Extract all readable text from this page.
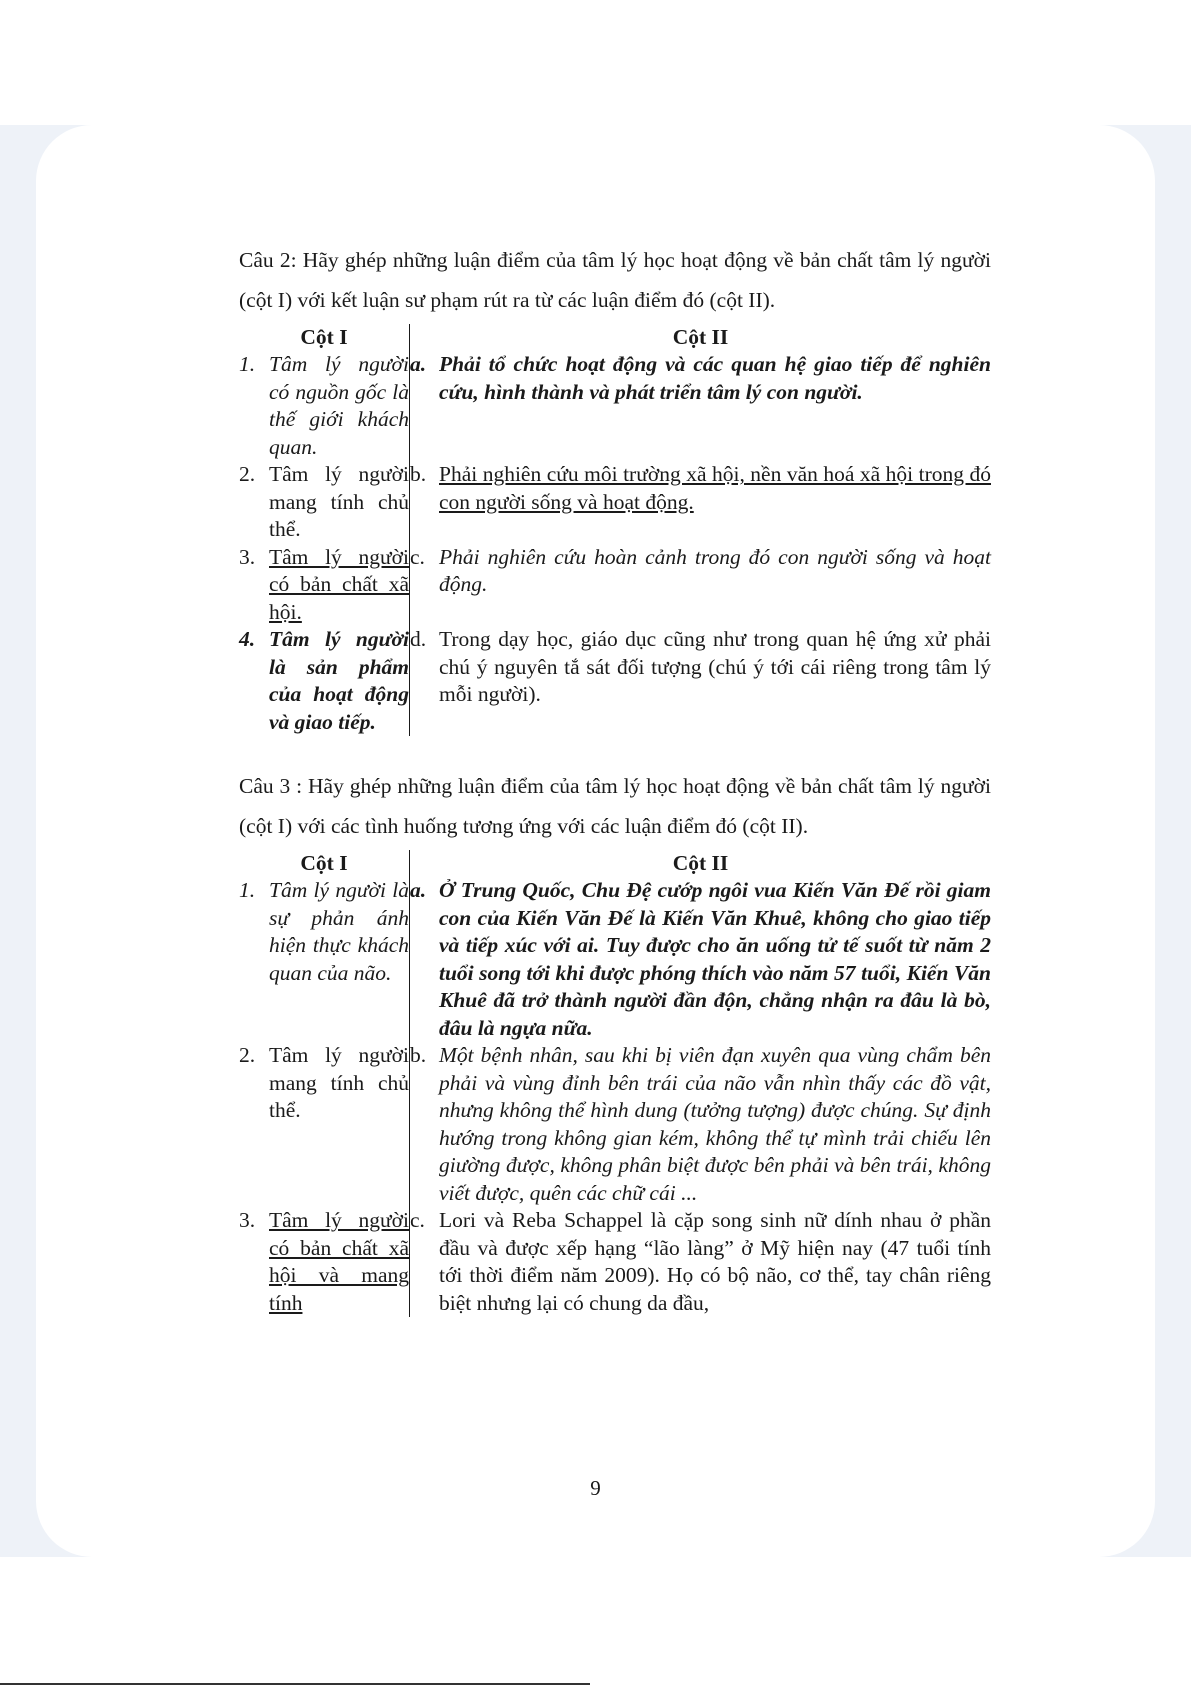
Câu 2: Hãy ghép những luận điểm của tâm lý học hoạt động về bản chất tâm lý người (cột I) với kết luận sư phạm rút ra từ các luận điểm đó (cột II).

Cột I	Cột II

1. Tâm lý người có nguồn gốc là thế giới khách quan.	a. Phải tổ chức hoạt động và các quan hệ giao tiếp để nghiên cứu, hình thành và phát triển tâm lý con người.

2. Tâm lý người mang tính chủ thể.	b. Phải nghiên cứu môi trường xã hội, nền văn hoá xã hội trong đó con người sống và hoạt động.

3. Tâm lý người có bản chất xã hội.	c. Phải nghiên cứu hoàn cảnh trong đó con người sống và hoạt động.

4. Tâm lý người là sản phẩm của hoạt động và giao tiếp.	d. Trong dạy học, giáo dục cũng như trong quan hệ ứng xử phải chú ý nguyên tắ sát đối tượng (chú ý tới cái riêng trong tâm lý mỗi người).

Câu 3 : Hãy ghép những luận điểm của tâm lý học hoạt động về bản chất tâm lý người (cột I) với các tình huống tương ứng với các luận điểm đó (cột II).

Cột I	Cột II

1. Tâm lý người là sự phản ánh hiện thực khách quan của não.	a. Ở Trung Quốc, Chu Đệ cướp ngôi vua Kiến Văn Đế rồi giam con của Kiến Văn Đế là Kiến Văn Khuê, không cho giao tiếp và tiếp xúc với ai. Tuy được cho ăn uống tử tế suốt từ năm 2 tuổi song tới khi được phóng thích vào năm 57 tuổi, Kiến Văn Khuê đã trở thành người đần độn, chẳng nhận ra đâu là bò, đâu là ngựa nữa.

2. Tâm lý người mang tính chủ thể.	b. Một bệnh nhân, sau khi bị viên đạn xuyên qua vùng chẩm bên phải và vùng đỉnh bên trái của não vẫn nhìn thấy các đồ vật, nhưng không thể hình dung (tưởng tượng) được chúng. Sự định hướng trong không gian kém, không thể tự mình trải chiếu lên giường được, không phân biệt được bên phải và bên trái, không viết được, quên các chữ cái ...

3. Tâm lý người có bản chất xã hội và mang tính	c. Lori và Reba Schappel là cặp song sinh nữ dính nhau ở phần đầu và được xếp hạng “lão làng” ở Mỹ hiện nay (47 tuổi tính tới thời điểm năm 2009). Họ có bộ não, cơ thể, tay chân riêng biệt nhưng lại có chung da đầu,
9
